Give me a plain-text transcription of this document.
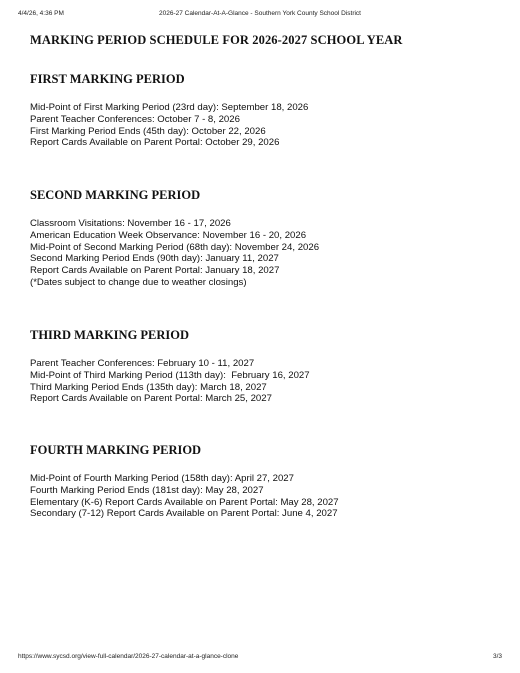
4/4/26, 4:36 PM	2026-27 Calendar-At-A-Glance - Southern York County School District
MARKING PERIOD SCHEDULE FOR 2026-2027 SCHOOL YEAR
FIRST MARKING PERIOD
Mid-Point of First Marking Period (23rd day): September 18, 2026
Parent Teacher Conferences: October 7 - 8, 2026
First Marking Period Ends (45th day): October 22, 2026
Report Cards Available on Parent Portal: October 29, 2026
SECOND MARKING PERIOD
Classroom Visitations: November 16 - 17, 2026
American Education Week Observance: November 16 - 20, 2026
Mid-Point of Second Marking Period (68th day): November 24, 2026
Second Marking Period Ends (90th day): January 11, 2027
Report Cards Available on Parent Portal: January 18, 2027
(*Dates subject to change due to weather closings)
THIRD MARKING PERIOD
Parent Teacher Conferences: February 10 - 11, 2027
Mid-Point of Third Marking Period (113th day):  February 16, 2027
Third Marking Period Ends (135th day): March 18, 2027
Report Cards Available on Parent Portal: March 25, 2027
FOURTH MARKING PERIOD
Mid-Point of Fourth Marking Period (158th day): April 27, 2027
Fourth Marking Period Ends (181st day): May 28, 2027
Elementary (K-6) Report Cards Available on Parent Portal: May 28, 2027
Secondary (7-12) Report Cards Available on Parent Portal: June 4, 2027
https://www.sycsd.org/view-full-calendar/2026-27-calendar-at-a-glance-clone	3/3
